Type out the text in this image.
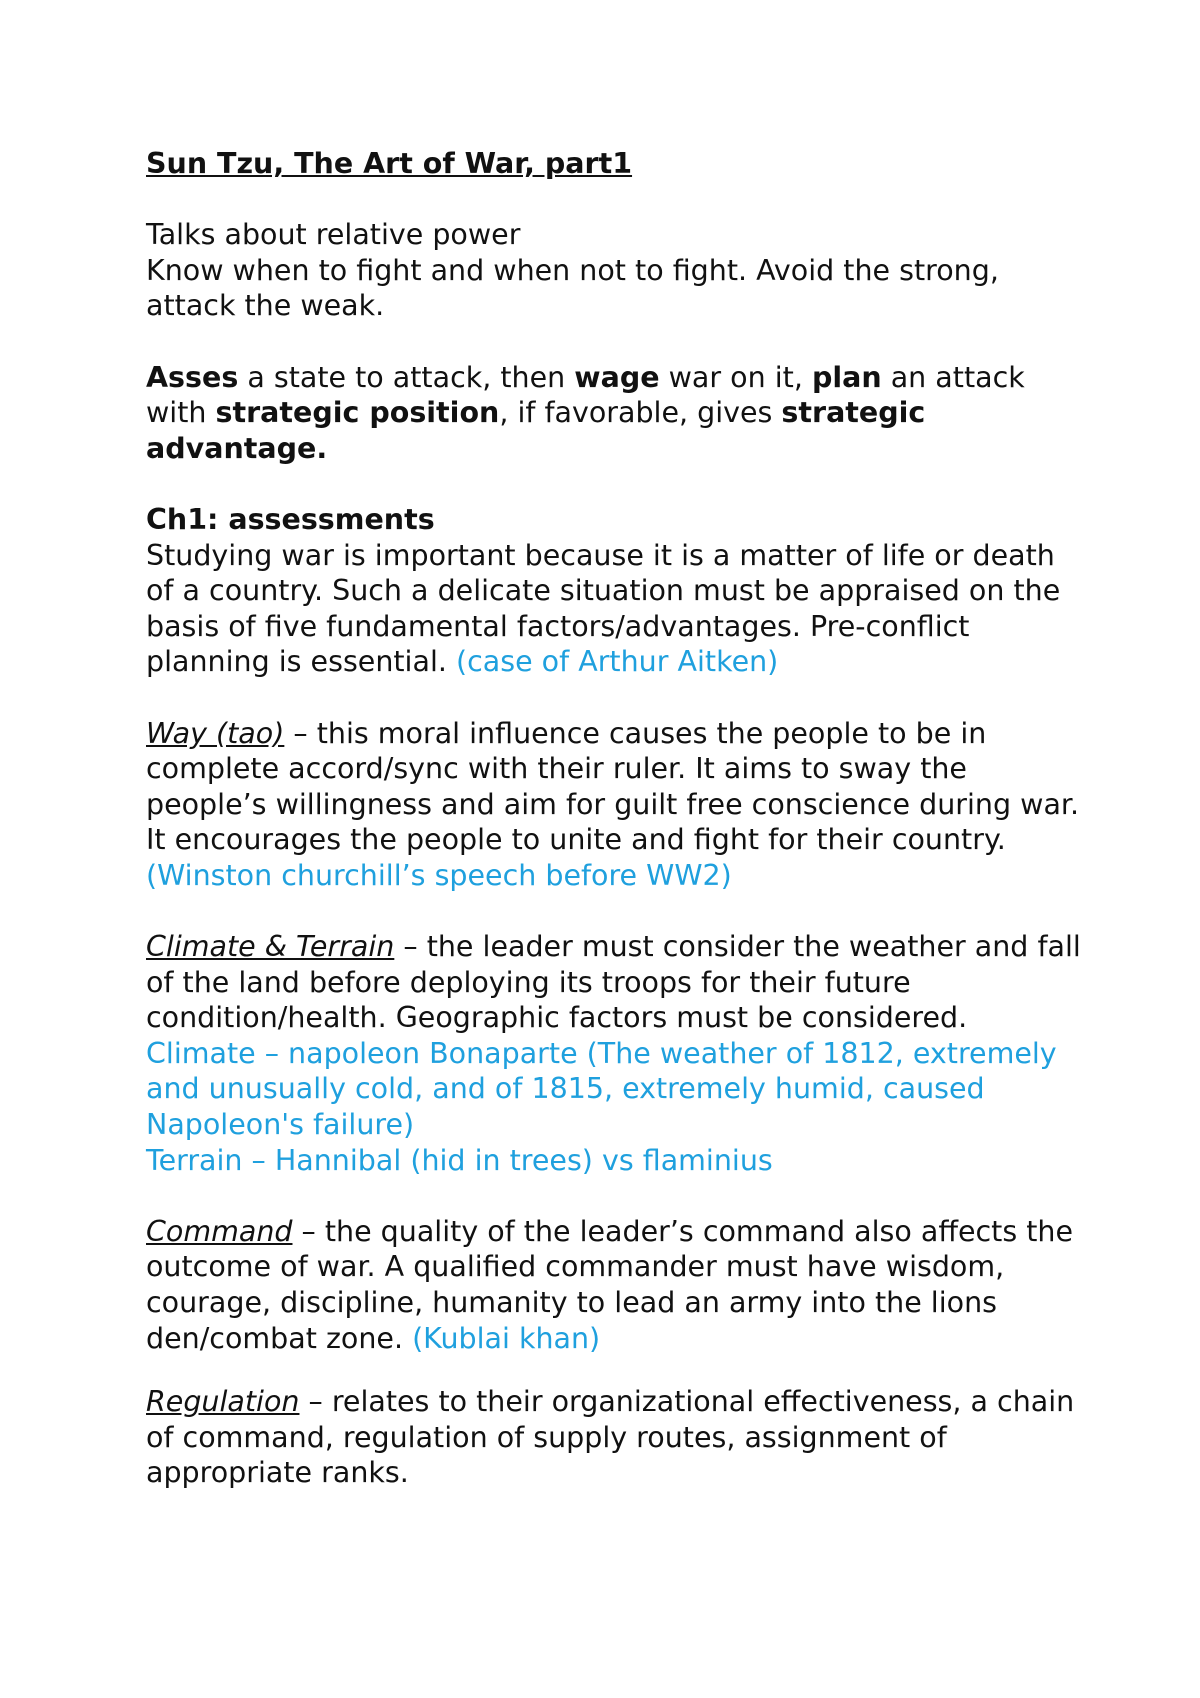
Sun Tzu, The Art of War, part1

Talks about relative power

Know when to fight and when not to fight. Avoid the strong, attack the weak.

Asses a state to attack, then wage war on it, plan an attack with strategic position, if favorable, gives strategic advantage.

Ch1: assessments

Studying war is important because it is a matter of life or death of a country. Such a delicate situation must be appraised on the basis of five fundamental factors/advantages. Pre-conflict planning is essential. (case of Arthur Aitken)

Way (tao) – this moral influence causes the people to be in complete accord/sync with their ruler. It aims to sway the people’s willingness and aim for guilt free conscience during war. It encourages the people to unite and fight for their country. (Winston churchill’s speech before WW2)

Climate & Terrain – the leader must consider the weather and fall of the land before deploying its troops for their future condition/health. Geographic factors must be considered.

Climate – napoleon Bonaparte (The weather of 1812, extremely and unusually cold, and of 1815, extremely humid, caused Napoleon's failure)

Terrain – Hannibal (hid in trees) vs flaminius

Command – the quality of the leader’s command also affects the outcome of war. A qualified commander must have wisdom, courage, discipline, humanity to lead an army into the lions den/combat zone. (Kublai khan)

Regulation – relates to their organizational effectiveness, a chain of command, regulation of supply routes, assignment of appropriate ranks.
